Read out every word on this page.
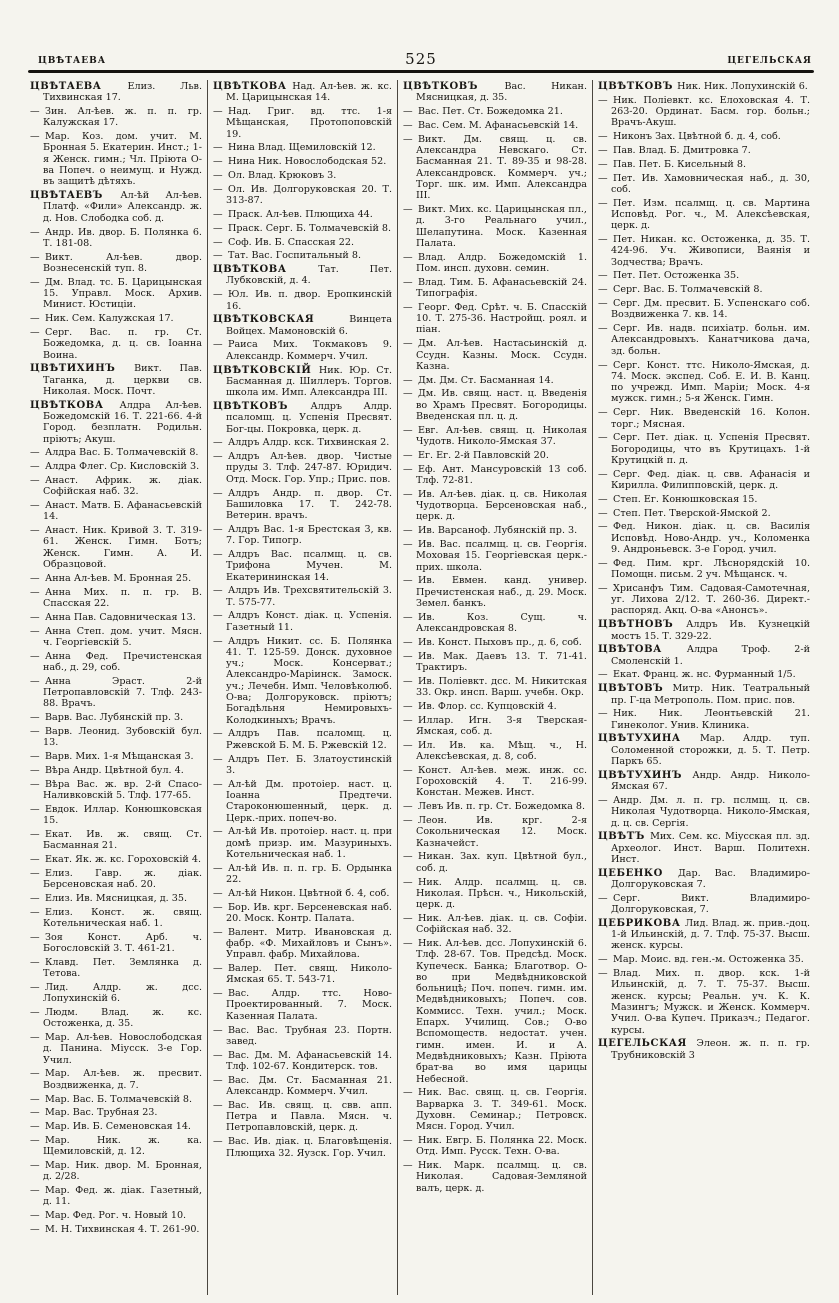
ЦВѢТАЕВА	525	ЦЕГЕЛЬСКАЯ
ЦВѢТАЕВА Елиз. Льв. Тихвинская 17.
— Зин. Ал-ѣев. ж. п. п. гр. Калужская 17.
— Мар. Коз. дом. учит. М. Бронная 5. Екатерин. Инст.; 1-я Женск. гимн.; Чл. Пріюта О-ва Попеч. о неимущ. и Нужд. въ защитѣ дѣтяхъ.
ЦВѢТАЕВЪ Ал-ѣй Ал-ѣев. Платф. «Фили» Александр. ж. д. Нов. Слободка соб. д.
— Андр. Ив. двор. Б. Полянка 6. Т. 181-08.
— Викт. Ал-ѣев. двор. Вознесенскій туп. 8.
— Дм. Влад. тс. Б. Царицынская 15. Управл. Моск. Архив. Минист. Юстиціи.
— Ник. Сем. Калужская 17.
— Серг. Вас. п. гр. Ст. Божедомка, д. ц. св. Іоанна Воина.
ЦВѢТИХИНЪ Викт. Пав. Таганка, д. церкви св. Николая. Моск. Почт.
ЦВѢТКОВА Алдра Ал-ѣев. Божедомскій 16. Т. 221-66. 4-й Город. безплатн. Родильн. пріютъ; Акуш.
— Алдра Вас. Б. Толмачевскій 8.
— Алдра Флег. Ср. Кисловскій 3.
— Анаст. Африк. ж. діак. Софійская наб. 32.
— Анаст. Матв. Б. Афанасьевскій 14.
— Анаст. Ник. Кривой 3. Т. 319-61. Женск. Гимн. Ботъ; Женск. Гимн. А. И. Образцовой.
— Анна Ал-ѣев. М. Бронная 25.
— Анна Мих. п. п. гр. В. Спасская 22.
— Анна Пав. Садовническая 13.
— Анна Степ. дом. учит. Мясн. ч. Георгіевскій 5.
— Анна Фед. Пречистенская наб., д. 29, соб.
— Анна Эраст. 2-й Петропавловскій 7. Тлф. 243-88. Врачъ.
— Варв. Вас. Лубянскій пр. 3.
— Варв. Леонид. Зубовскій бул. 13.
— Варв. Мих. 1-я Мѣщанская 3.
— Вѣра Андр. Цвѣтной бул. 4.
— Вѣра Вас. ж. вр. 2-й Спасо-Наливковскій 5. Тлф. 177-65.
— Евдок. Иллар. Конюшковская 15.
— Екат. Ив. ж. свящ. Ст. Басманная 21.
— Екат. Як. ж. кс. Гороховскій 4.
— Елиз. Гавр. ж. діак. Берсеновская наб. 20.
— Елиз. Ив. Мясницкая, д. 35.
— Елиз. Конст. ж. свящ. Котельническая наб. 1.
— Зоя Конст. Арб. ч. Богословскій 3. Т. 461-21.
— Клавд. Пет. Землянка д. Тетова.
— Лид. Алдр. ж. дсс. Лопухинскій 6.
— Людм. Влад. ж. кс. Остоженка, д. 35.
— Мар. Ал-ѣев. Новослободская д. Панина. Міусск. 3-е Гор. Учил.
— Мар. Ал-ѣев. ж. пресвит. Воздвиженка, д. 7.
— Мар. Вас. Б. Толмачевскій 8.
— Мар. Вас. Трубная 23.
— Мар. Ив. Б. Семеновская 14.
— Мар. Ник. ж. ка. Щемиловскій, д. 12.
— Мар. Ник. двор. М. Бронная, д. 2/28.
— Мар. Фед. ж. діак. Газетный, д. 11.
— Мар. Фед. Рог. ч. Новый 10.
— М. Н. Тихвинская 4. Т. 261-90.
ЦВѢТКОВА Над. Ал-ѣев. ж. кс. М. Царицынская 14.
— Над. Григ. вд. ттс. 1-я Мѣщанская, Протопоповскій 19.
— Нина Влад. Щемиловскій 12.
— Нина Ник. Новослободская 52.
— Ол. Влад. Крюковъ 3.
— Ол. Ив. Долгоруковская 20. Т. 313-87.
— Праск. Ал-ѣев. Плющиха 44.
— Праск. Серг. Б. Толмачевскій 8.
— Соф. Ив. Б. Спасская 22.
— Тат. Вас. Госпитальный 8.
ЦВѢТКОВА Тат. Пет. Лубковскій, д. 4.
— Юл. Ив. п. двор. Еропкинскій 16.
ЦВѢТКОВСКАЯ Винцета Войцех. Мамоновскій 6.
— Раиса Мих. Токмаковъ 9. Александр. Коммерч. Учил.
ЦВѢТКОВСКІЙ Ник. Юр. Ст. Басманная д. Шиллеръ. Торгов. школа им. Имп. Александра III.
ЦВѢТКОВЪ Алдръ Алдр. псаломщ. ц. Успенія Пресвят. Бог-цы. Покровка, церк. д.
— Алдръ Алдр. кск. Тихвинская 2.
— Алдръ Ал-ѣев. двор. Чистые пруды 3. Тлф. 247-87. Юридич. Отд. Моск. Гор. Упр.; Прис. пов.
— Алдръ Андр. п. двор. Ст. Башиловка 17. Т. 242-78. Ветерин. врачъ.
— Алдръ Вас. 1-я Брестская 3, кв. 7. Гор. Типогр.
— Алдръ Вас. псалмщ. ц. св. Трифона Мучен. М. Екатерининская 14.
— Алдръ Ив. Трехсвятительскій 3. Т. 575-77.
— Алдръ Конст. діак. ц. Успенія. Газетный 11.
— Алдръ Никит. сс. Б. Полянка 41. Т. 125-59. Донск. духовное уч.; Моск. Консерват.; Александро-Маріинск. Замоск. уч.; Лечебн. Имп. Человѣколюб. О-ва; Долгоруковск. пріютъ; Богадѣльня Немировыхъ-Колодкиныхъ; Врачъ.
— Алдръ Пав. псаломщ. ц. Ржевской Б. М. Б. Ржевскій 12.
— Алдръ Пет. Б. Златоустинскій 3.
— Ал-ѣй Дм. протоіер. наст. ц. Іоанна Предтечи. Староконюшенный, церк. д. Церк.-прих. попеч-во.
— Ал-ѣй Ив. протоіер. наст. ц. при домѣ призр. им. Мазуриныхъ. Котельническая наб. 1.
— Ал-ѣй Ив. п. п. гр. Б. Ордынка 22.
— Ал-ѣй Никон. Цвѣтной б. 4, соб.
— Бор. Ив. крг. Берсеневская наб. 20. Моск. Контр. Палата.
— Валент. Митр. Ивановская д. фабр. «Ф. Михайловъ и Сынъ». Управл. фабр. Михайлова.
— Валер. Пет. свящ. Николо-Ямская 65. Т. 543-71.
— Вас. Алдр. ттс. Ново-Проектированный. 7. Моск. Казенная Палата.
— Вас. Вас. Трубная 23. Портн. завед.
— Вас. Дм. М. Афанасьевскій 14. Тлф. 102-67. Кондитерск. тов.
— Вас. Дм. Ст. Басманная 21. Александр. Коммерч. Учил.
— Вас. Ив. свящ. ц. свв. апп. Петра и Павла. Мясн. ч. Петропавловскій, церк. д.
— Вас. Ив. діак. ц. Благовѣщенія. Плющиха 32. Яузск. Гор. Учил.
ЦВѢТКОВЪ Вас. Никан. Мясницкая, д. 35.
— Вас. Пет. Ст. Божедомка 21.
— Вас. Сем. М. Афанасьевскій 14.
— Викт. Дм. свящ. ц. св. Александра Невскаго. Ст. Басманная 21. Т. 89-35 и 98-28. Александровск. Коммерч. уч.; Торг. шк. им. Имп. Александра III.
— Викт. Мих. кс. Царицынская пл., д. 3-го Реальнаго учил., Шелапутина. Моск. Казенная Палата.
— Влад. Алдр. Божедомскій 1. Пом. инсп. духовн. семин.
— Влад. Тим. Б. Афанасьевскій 24. Типографія.
— Георг. Фед. Срѣт. ч. Б. Спасскій 10. Т. 275-36. Настройщ. роял. и піан.
— Дм. Ал-ѣев. Настасьинскій д. Ссудн. Казны. Моск. Ссудн. Казна.
— Дм. Дм. Ст. Басманная 14.
— Дм. Ив. свящ. наст. ц. Введенія во Храмъ Пресвят. Богородицы. Введенская пл. ц. д.
— Евг. Ал-ѣев. свящ. ц. Николая Чудотв. Николо-Ямская 37.
— Ег. Ег. 2-й Павловскій 20.
— Еф. Ант. Мансуровскій 13 соб. Тлф. 72-81.
— Ив. Ал-ѣев. діак. ц. св. Николая Чудотворца. Берсеновская наб., церк. д.
— Ив. Варсаноф. Лубянскій пр. 3.
— Ив. Вас. псалмщ. ц. св. Георгія. Моховая 15. Георгіевская церк.-прих. школа.
— Ив. Евмен. канд. универ. Пречистенская наб., д. 29. Моск. Земел. банкъ.
— Ив. Коз. Сущ. ч. Александровская 8.
— Ив. Конст. Пыховъ пр., д. 6, соб.
— Ив. Мак. Даевъ 13. Т. 71-41. Трактиръ.
— Ив. Поліевкт. дсс. М. Никитская 33. Окр. инсп. Варш. учебн. Окр.
— Ив. Флор. сс. Купцовскій 4.
— Иллар. Игн. 3-я Тверская-Ямская, соб. д.
— Ил. Ив. ка. Мѣщ. ч., Н. Алексѣевская, д. 8, соб.
— Конст. Ал-ѣев. меж. инж. сс. Гороховскій 4. Т. 216-99. Констан. Межев. Инст.
— Левъ Ив. п. гр. Ст. Божедомка 8.
— Леон. Ив. крг. 2-я Сокольническая 12. Моск. Казначейст.
— Никан. Зах. куп. Цвѣтной бул., соб. д.
— Ник. Алдр. псалмщ. ц. св. Николая. Прѣсн. ч., Никольскій, церк. д.
— Ник. Ал-ѣев. діак. ц. св. Софіи. Софійская наб. 32.
— Ник. Ал-ѣев. дсс. Лопухинскій 6. Тлф. 28-67. Тов. Предсѣд. Моск. Купеческ. Банка; Благотвор. О-во при Медвѣдниковской больницѣ; Поч. попеч. гимн. им. Медвѣдниковыхъ; Попеч. сов. Коммисс. Техн. учил.; Моск. Епарх. Училищ. Сов.; О-во Вспомоществ. недостат. учен. гимн. имен. И. и А. Медвѣдниковыхъ; Казн. Пріюта брат-ва во имя царицы Небесной.
— Ник. Вас. свящ. ц. св. Георгія. Варварка 3. Т. 349-61. Моск. Духовн. Семинар.; Петровск. Мясн. Город. Учил.
— Ник. Евгр. Б. Полянка 22. Моск. Отд. Имп. Русск. Техн. О-ва.
— Ник. Марк. псалмщ. ц. св. Николая. Садовая-Земляной валъ, церк. д.
ЦВѢТКОВЪ Ник. Ник. Лопухинскій 6.
— Ник. Поліевкт. кс. Елоховская 4. Т. 263-20. Ординат. Басм. гор. больн.; Врачъ-Акуш.
— Никонъ Зах. Цвѣтной б. д. 4, соб.
— Пав. Влад. Б. Дмитровка 7.
— Пав. Пет. Б. Кисельный 8.
— Пет. Ив. Хамовническая наб., д. 30, соб.
— Пет. Изм. псалмщ. ц. св. Мартина Исповѣд. Рог. ч., М. Алексѣевская, церк. д.
— Пет. Никан. кс. Остоженка, д. 35. Т. 424-96. Уч. Живописи, Ваянія и Зодчества; Врачъ.
— Пет. Пет. Остоженка 35.
— Серг. Вас. Б. Толмачевскій 8.
— Серг. Дм. пресвит. Б. Успенскаго соб. Воздвиженка 7. кв. 14.
— Серг. Ив. надв. психіатр. больн. им. Александровыхъ. Канатчикова дача, зд. больн.
— Серг. Конст. ттс. Николо-Ямская, д. 74. Моск. экспед. Соб. Е. И. В. Канц. по учрежд. Имп. Маріи; Моск. 4-я мужск. гимн.; 5-я Женск. Гимн.
— Серг. Ник. Введенскій 16. Колон. торг.; Мясная.
— Серг. Пет. діак. ц. Успенія Пресвят. Богородицы, что въ Крутицахъ. 1-й Крутицкій п. д.
— Серг. Фед. діак. ц. свв. Афанасія и Кирилла. Филипповскій, церк. д.
— Степ. Ег. Конюшковская 15.
— Степ. Пет. Тверской-Ямской 2.
— Фед. Никон. діак. ц. св. Василія Исповѣд. Ново-Андр. уч., Коломенка 9. Андроньевск. 3-е Город. учил.
— Фед. Пим. крг. Лѣснорядскій 10. Помощн. письм. 2 уч. Мѣщанск. ч.
— Хрисанфъ Тим. Садовая-Самотечная, уг. Лихова 2/12. Т. 260-36. Директ.-распоряд. Акц. О-ва «Анонсъ».
ЦВѢТНОВЪ Алдръ Ив. Кузнецкій мостъ 15. Т. 329-22.
ЦВѢТОВА Алдра Троф. 2-й Смоленскій 1.
— Екат. Франц. ж. нс. Фурманный 1/5.
ЦВѢТОВЪ Митр. Ник. Театральный пр. Г-ца Метрополь. Пом. прис. пов.
— Ник. Ник. Леонтьевскій 21. Гинеколог. Унив. Клиника.
ЦВѢТУХИНА Мар. Алдр. туп. Соломенной сторожки, д. 5. Т. Петр. Паркъ 65.
ЦВѢТУХИНЪ Андр. Андр. Николо-Ямская 67.
— Андр. Дм. л. п. гр. пслмщ. ц. св. Николая Чудотворца. Николо-Ямская, д. ц. св. Сергія.
ЦВѢТЪ Мих. Сем. кс. Міусская пл. зд. Археолог. Инст. Варш. Политехн. Инст.
ЦЕБЕНКО Дар. Вас. Владимиро-Долгоруковская 7.
— Серг. Викт. Владимиро-Долгоруковская, 7.
ЦЕБРИКОВА Лид. Влад. ж. прив.-доц. 1-й Ильинскій, д. 7. Тлф. 75-37. Высш. женск. курсы.
— Мар. Моис. вд. ген.-м. Остоженка 35.
— Влад. Мих. п. двор. кск. 1-й Ильинскій, д. 7. Т. 75-37. Высш. женск. курсы; Реальн. уч. К. К. Мазингъ; Мужск. и Женск. Коммерч. Учил. О-ва Купеч. Приказч.; Педагог. курсы.
ЦЕГЕЛЬСКАЯ Элеон. ж. п. п. гр. Трубниковскій 3
